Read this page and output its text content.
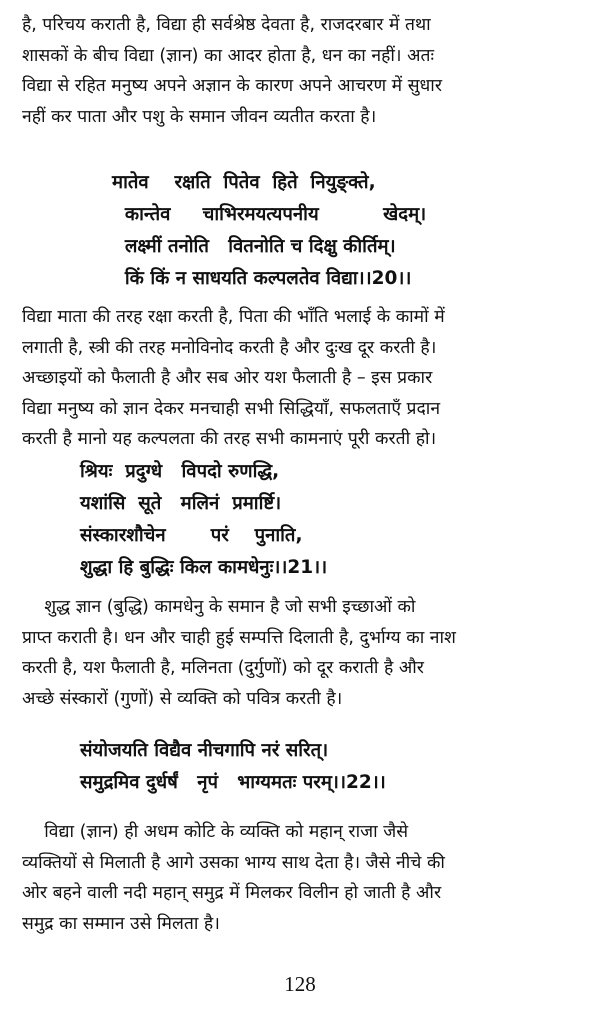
है, परिचय कराती है, विद्या ही सर्वश्रेष्ठ देवता है, राजदरबार में तथा
शासकों के बीच विद्या (ज्ञान) का आदर होता है, धन का नहीं। अतः
विद्या से रहित मनुष्य अपने अज्ञान के कारण अपने आचरण में सुधार
नहीं कर पाता और पशु के समान जीवन व्यतीत करता है।
मातेव    रक्षति  पितेव  हिते  नियुङ्क्ते,
कान्तेव     चाभिरमयत्यपनीय          खेदम्।
लक्ष्मीं तनोति   वितनोति च दिक्षु कीर्तिम्।
किं किं न साधयति कल्पलतेव विद्या।।20।।
विद्या माता की तरह रक्षा करती है, पिता की भाँति भलाई के कामों में
लगाती है, स्त्री की तरह मनोविनोद करती है और दुःख दूर करती है।
अच्छाइयों को फैलाती है और सब ओर यश फैलाती है – इस प्रकार
विद्या मनुष्य को ज्ञान देकर मनचाही सभी सिद्धियाँ, सफलताएँ प्रदान
करती है मानो यह कल्पलता की तरह सभी कामनाएं पूरी करती हो।
श्रियः  प्रदुग्धे   विपदो रुणद्धि,
यशांसि  सूते   मलिनं  प्रमार्ष्टि।
संस्कारशौचेन       परं    पुनाति,
शुद्धा हि बुद्धिः किल कामधेनुः।।21।।
शुद्ध ज्ञान (बुद्धि) कामधेनु के समान है जो सभी इच्छाओं को
प्राप्त कराती है। धन और चाही हुई सम्पत्ति दिलाती है, दुर्भाग्य का नाश
करती है, यश फैलाती है, मलिनता (दुर्गुणों) को दूर कराती है और
अच्छे संस्कारों (गुणों) से व्यक्ति को पवित्र करती है।
संयोजयति विद्यैव नीचगापि नरं सरित्।
समुद्रमिव दुर्धर्षं   नृपं   भाग्यमतः परम्।।22।।
विद्या (ज्ञान) ही अधम कोटि के व्यक्ति को महान् राजा जैसे
व्यक्तियों से मिलाती है आगे उसका भाग्य साथ देता है। जैसे नीचे की
ओर बहने वाली नदी महान् समुद्र में मिलकर विलीन हो जाती है और
समुद्र का सम्मान उसे मिलता है।
128
